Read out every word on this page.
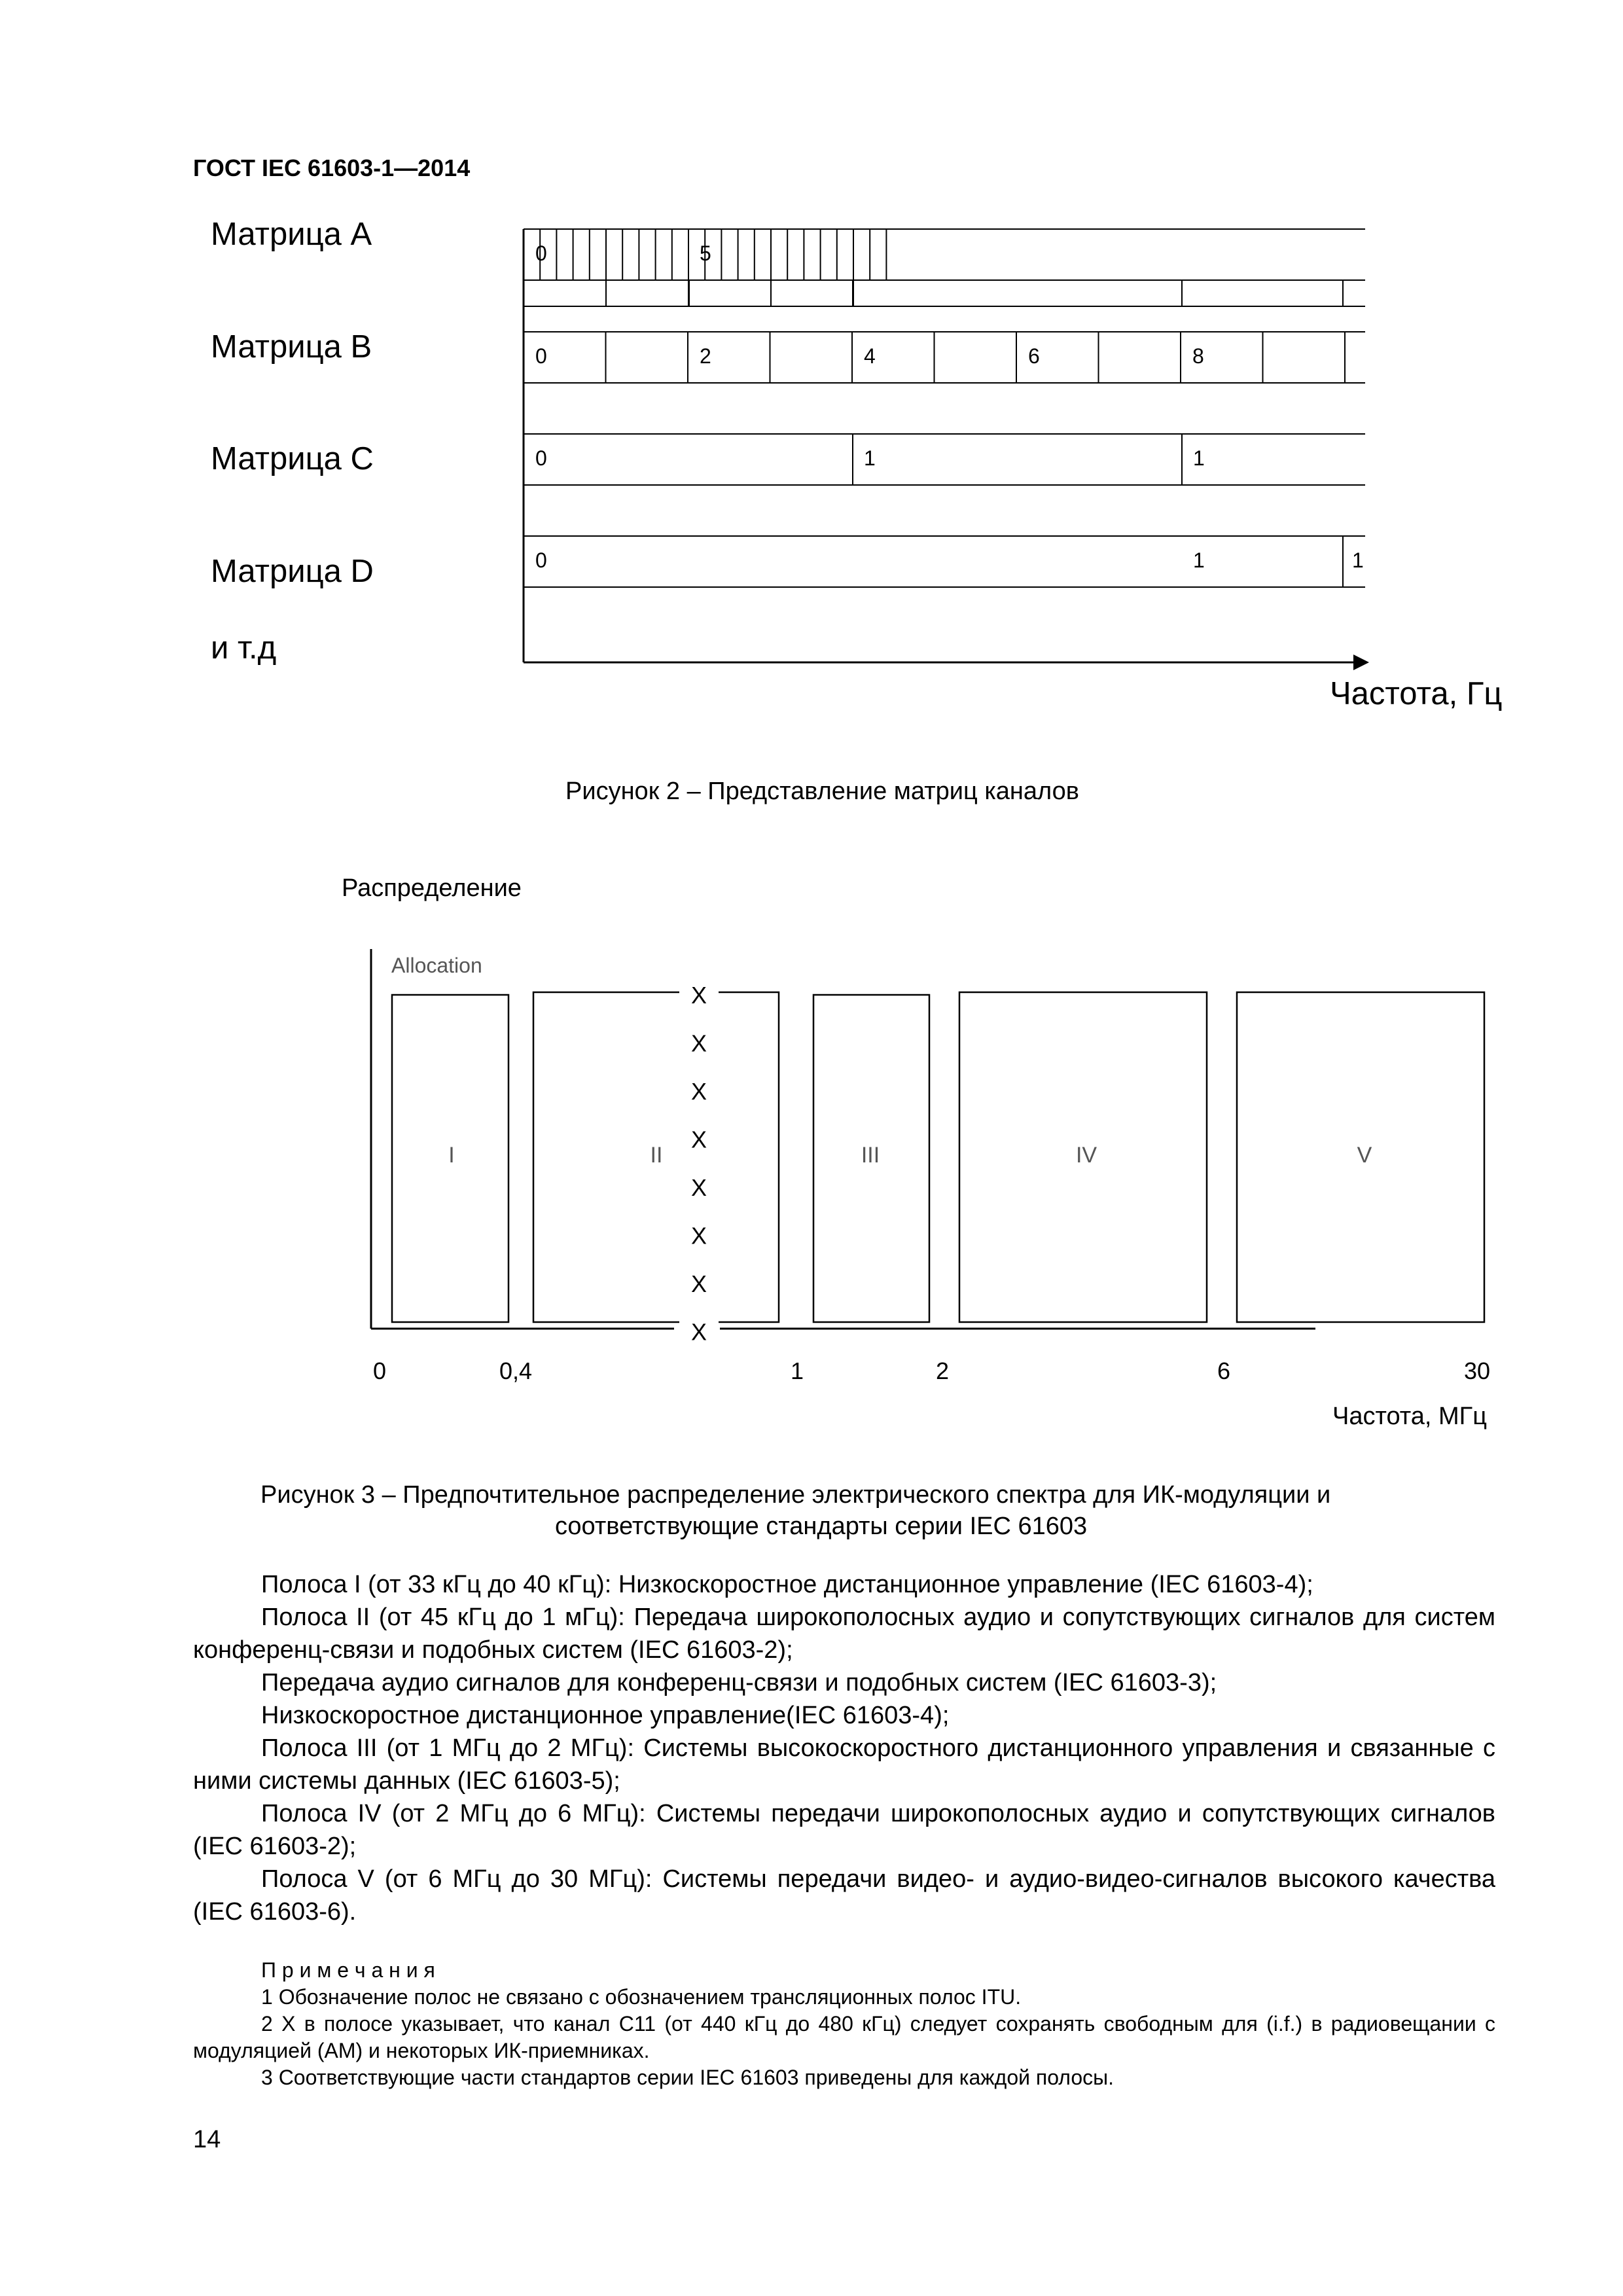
ГОСТ IEC 61603-1—2014
Матрица А
Матрица В
Матрица С
Матрица D
и т.д
0	5
0	2	4	6	8
0	1	1
0	1	1
Частота, Гц
Рисунок 2 – Представление матриц каналов
Распределение
Allocation
I	II	III	IV	V
X
X
X
X
X
X
X
X
0	0,4	1	2	6	30
Частота, МГц
Рисунок 3 – Предпочтительное распределение электрического спектра для ИК-модуляции и
соответствующие стандарты серии IEC 61603
Полоса I (от 33 кГц до 40 кГц): Низкоскоростное дистанционное управление (IEC 61603-4);
Полоса II (от 45 кГц до 1 мГц): Передача широкополосных аудио и сопутствующих сигналов для систем конференц-связи и подобных систем (IEC 61603-2);
Передача аудио сигналов для конференц-связи и подобных систем (IEC 61603-3);
Низкоскоростное дистанционное управление(IEC 61603-4);
Полоса III (от 1 МГц до 2 МГц): Системы высокоскоростного дистанционного управления и связанные с ними системы данных (IEC 61603-5);
Полоса IV (от 2 МГц до 6 МГц): Системы передачи широкополосных аудио и сопутствующих сигналов (IEC 61603-2);
Полоса V (от 6 МГц до 30 МГц): Системы передачи видео- и аудио-видео-сигналов высокого качества (IEC 61603-6).
П р и м е ч а н и я
1 Обозначение полос не связано с обозначением трансляционных полос ITU.
2 X в полосе указывает, что канал C11 (от 440 кГц до 480 кГц) следует сохранять свободным для (i.f.) в радиовещании с модуляцией (АМ) и некоторых ИК-приемниках.
3 Соответствующие части стандартов серии IEC 61603 приведены для каждой полосы.
14
